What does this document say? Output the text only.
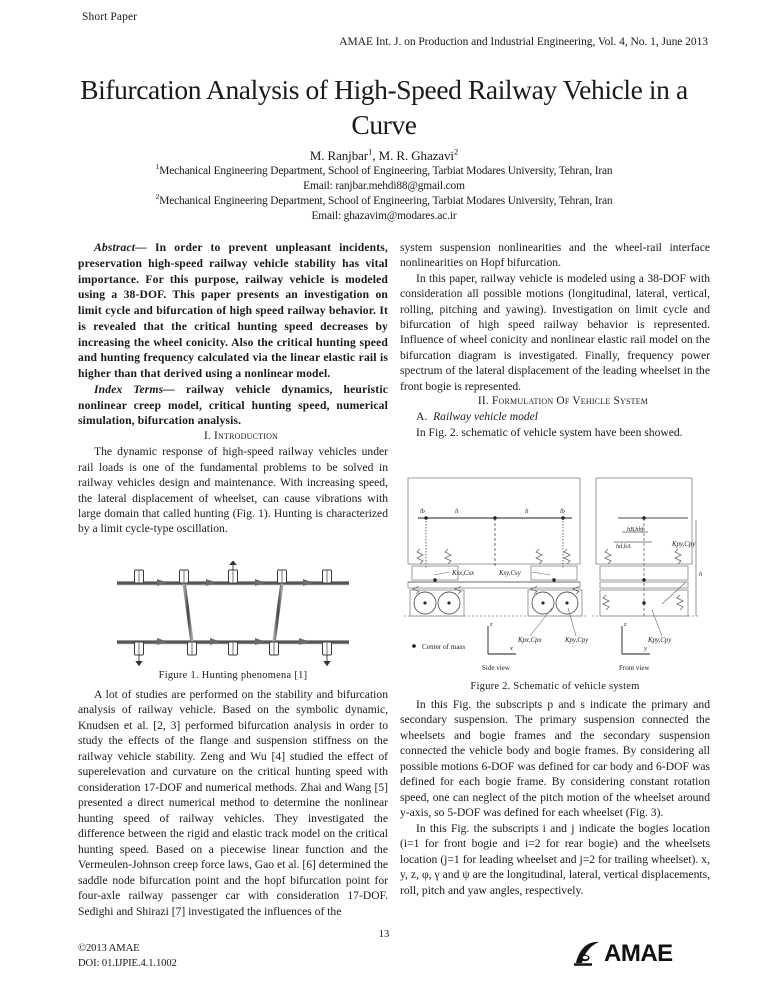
Short Paper
AMAE Int. J. on Production and Industrial Engineering, Vol. 4, No. 1, June 2013
Bifurcation Analysis of High-Speed Railway Vehicle in a Curve
M. Ranjbar$^1$, M. R. Ghazavi$^2$
$^1$Mechanical Engineering Department, School of Engineering, Tarbiat Modares University, Tehran, Iran
Email: ranjbar.mehdi88@gmail.com
$^2$Mechanical Engineering Department, School of Engineering, Tarbiat Modares University, Tehran, Iran
Email: ghazavim@modares.ac.ir

Abstract— In order to prevent unpleasant incidents, preservation high-speed railway vehicle stability has vital importance. For this purpose, railway vehicle is modeled using a 38-DOF. This paper presents an investigation on limit cycle and bifurcation of high speed railway behavior. It is revealed that the critical hunting speed decreases by increasing the wheel conicity. Also the critical hunting speed and hunting frequency calculated via the linear elastic rail is higher than that derived using a nonlinear model.

Index Terms— railway vehicle dynamics, heuristic nonlinear creep model, critical hunting speed, numerical simulation, bifurcation analysis.

I. Introduction

The dynamic response of high-speed railway vehicles under rail loads is one of the fundamental problems to be solved in railway vehicles design and maintenance. With increasing speed, the lateral displacement of wheelset, can cause vibrations with large domain that called hunting (Fig. 1). Hunting is characterized by a limit cycle-type oscillation.

Figure 1. Hunting phenomena [1]

A lot of studies are performed on the stability and bifurcation analysis of railway vehicle. Based on the symbolic dynamic, Knudsen et al. [2, 3] performed bifurcation analysis in order to study the effects of the flange and suspension stiffness on the railway vehicle stability. Zeng and Wu [4] studied the effect of superelevation and curvature on the critical hunting speed with consideration 17-DOF and numerical methods. Zhai and Wang [5] presented a direct numerical method to determine the nonlinear hunting speed of railway vehicles. They investigated the difference between the rigid and elastic track model on the critical hunting speed. Based on a piecewise linear function and the Vermeulen-Johnson creep force laws, Gao et al. [6] determined the saddle node bifurcation point and the hopf bifurcation point for four-axle railway passenger car with consideration 17-DOF. Sedighi and Shirazi [7] investigated the influences of the

system suspension nonlinearities and the wheel-rail interface nonlinearities on Hopf bifurcation.

In this paper, railway vehicle is modeled using a 38-DOF with consideration all possible motions (longitudinal, lateral, vertical, rolling, pitching and yawing). Investigation on limit cycle and bifurcation of high speed railway behavior is represented. Influence of wheel conicity and nonlinear elastic rail model on the bifurcation diagram is investigated. Finally, frequency power spectrum of the lateral displacement of the leading wheelset in the front bogie is represented.

II. Formulation Of Vehicle System

A. Railway vehicle model

In Fig. 2. schematic of vehicle system have been showed.

lb	lt	lt	lb
hB,hbf
hd,hA
h
Ksx,Csx	Ksy,Csy
Kpx,Cpx	Kpy,Cpy
Kpy,Cpy
Kpy,Cpy
z
x
z
y
Center of mass
Side view	Front view
Figure 2. Schematic of vehicle system

In this Fig. the subscripts p and s indicate the primary and secondary suspension. The primary suspension connected the wheelsets and bogie frames and the secondary suspension connected the vehicle body and bogie frames. By considering all possible motions 6-DOF was defined for car body and 6-DOF was defined for each bogie frame. By considering constant rotation speed, one can neglect of the pitch motion of the wheelset around y-axis, so 5-DOF was defined for each wheelset (Fig. 3).

In this Fig. the subscripts i and j indicate the bogies location (i=1 for front bogie and i=2 for rear bogie) and the wheelsets location (j=1 for leading wheelset and j=2 for trailing wheelset). x, y, z, φ, γ and ψ are the longitudinal, lateral, vertical displacements, roll, pitch and yaw angles, respectively.

©2013 AMAE
DOI: 01.IJPIE.4.1.1002
13
AMAE
